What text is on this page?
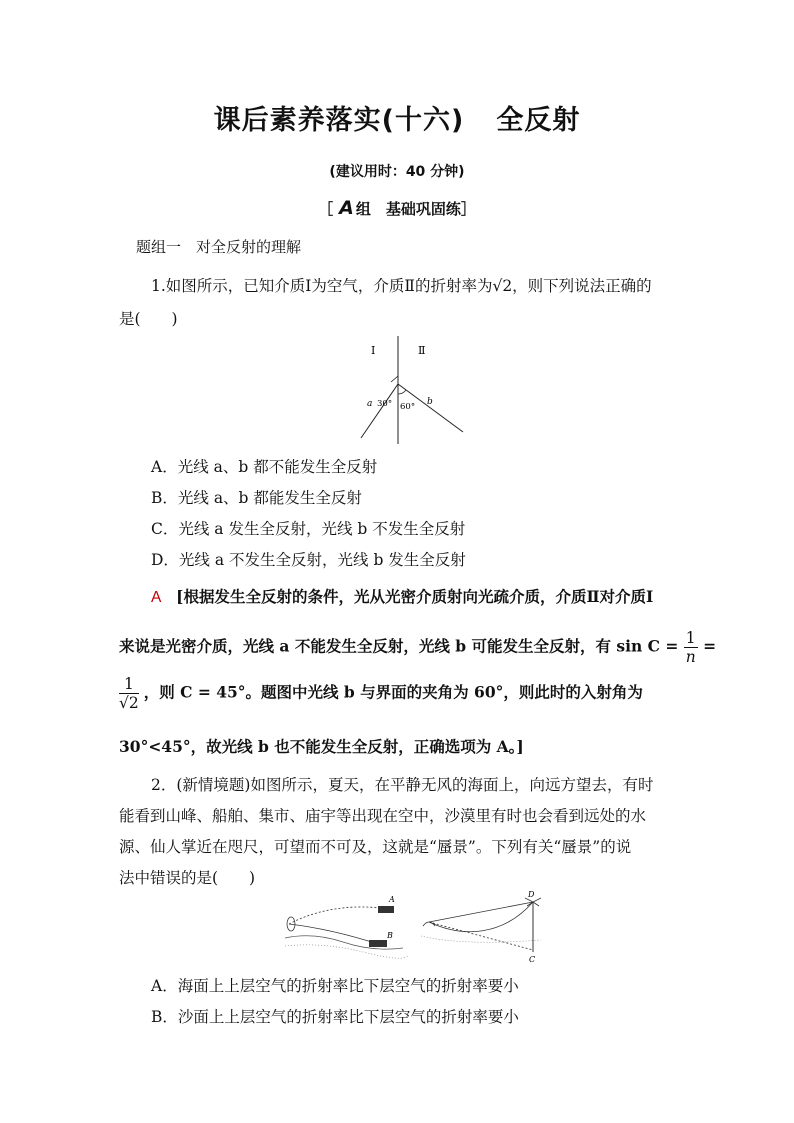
课后素养落实(十六) 全反射
(建议用时：40 分钟)
［ A 组　基础巩固练］
题组一　对全反射的理解
1.如图所示，已知介质Ⅰ为空气，介质Ⅱ的折射率为√2，则下列说法正确的
是(　　)
Ⅰ	Ⅱ
a	b
30° 60°
A．光线 a、b 都不能发生全反射
B．光线 a、b 都能发生全反射
C．光线 a 发生全反射，光线 b 不发生全反射
D．光线 a 不发生全反射，光线 b 发生全反射
A [根据发生全反射的条件，光从光密介质射向光疏介质，介质Ⅱ对介质Ⅰ
来说是光密介质，光线 a 不能发生全反射，光线 b 可能发生全反射，有 $\sin C = \frac{1}{n}$ =
$\frac{1}{√2}$ ，则 C = 45°。题图中光线 b 与界面的夹角为 60°，则此时的入射角为
30°<45°，故光线 b 也不能发生全反射，正确选项为 A。]
2．(新情境题)如图所示，夏天，在平静无风的海面上，向远方望去，有时
能看到山峰、船舶、集市、庙宇等出现在空中，沙漠里有时也会看到远处的水
源、仙人掌近在咫尺，可望而不可及，这就是“蜃景”。下列有关“蜃景”的说
法中错误的是(　　)
A
B
D
C
A．海面上上层空气的折射率比下层空气的折射率要小
B．沙面上上层空气的折射率比下层空气的折射率要小
